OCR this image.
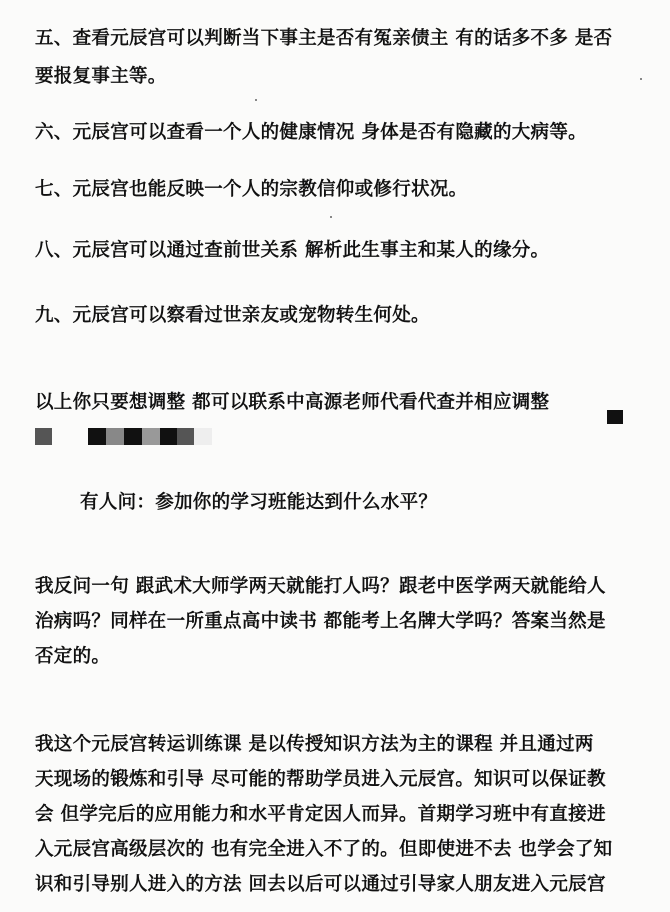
五、查看元辰宫可以判断当下事主是否有冤亲债主 有的话多不多 是否
要报复事主等。
六、元辰宫可以查看一个人的健康情况 身体是否有隐藏的大病等。
七、元辰宫也能反映一个人的宗教信仰或修行状况。
八、元辰宫可以通过查前世关系 解析此生事主和某人的缘分。
九、元辰宫可以察看过世亲友或宠物转生何处。
以上你只要想调整 都可以联系中高源老师代看代查并相应调整
有人问：参加你的学习班能达到什么水平？
我反问一句 跟武术大师学两天就能打人吗？跟老中医学两天就能给人
治病吗？同样在一所重点高中读书 都能考上名牌大学吗？答案当然是
否定的。
我这个元辰宫转运训练课 是以传授知识方法为主的课程 并且通过两
天现场的锻炼和引导 尽可能的帮助学员进入元辰宫。知识可以保证教
会 但学完后的应用能力和水平肯定因人而异。首期学习班中有直接进
入元辰宫高级层次的 也有完全进入不了的。但即使进不去 也学会了知
识和引导别人进入的方法 回去以后可以通过引导家人朋友进入元辰宫
